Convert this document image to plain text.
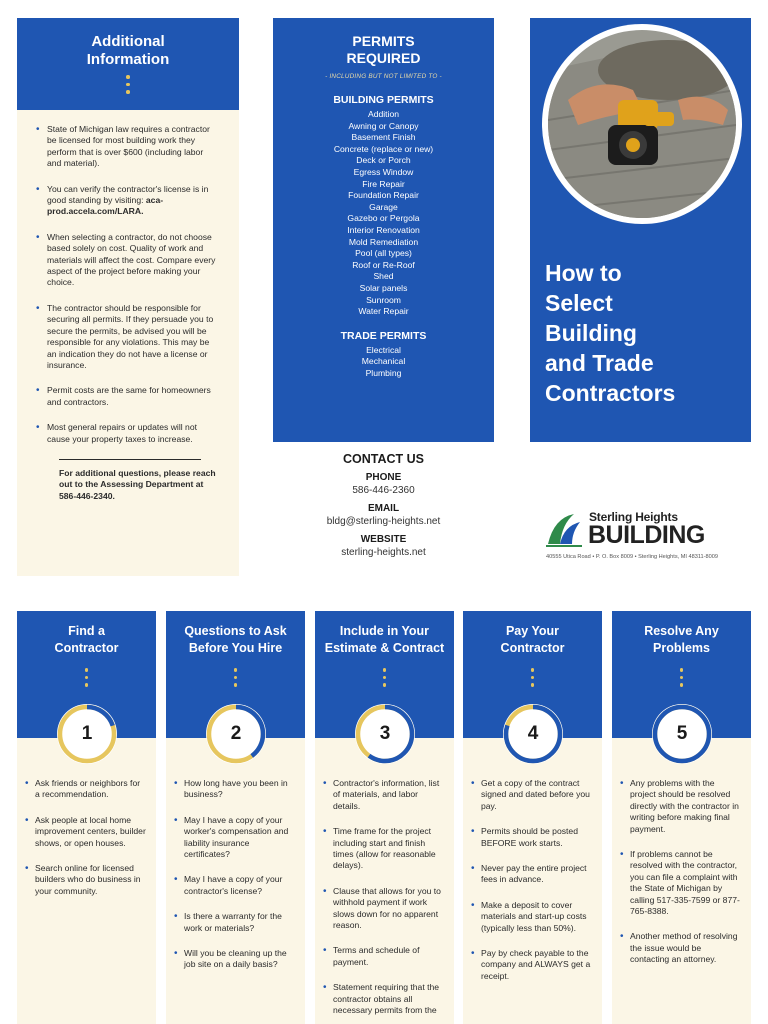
Additional
Information
• State of Michigan law requires a contractor be licensed for most building work they perform that is over $600 (including labor and material).
• You can verify the contractor's license is in good standing by visiting: aca-prod.accela.com/LARA.
• When selecting a contractor, do not choose based solely on cost. Quality of work and materials will affect the cost. Compare every aspect of the project before making your choice.
• The contractor should be responsible for securing all permits. If they persuade you to secure the permits, be advised you will be responsible for any violations. This may be an indication they do not have a license or insurance.
• Permit costs are the same for homeowners and contractors.
• Most general repairs or updates will not cause your property taxes to increase.

For additional questions, please reach out to the Assessing Department at 586-446-2340.

PERMITS
REQUIRED
- INCLUDING BUT NOT LIMITED TO -
BUILDING PERMITS
Addition
Awning or Canopy
Basement Finish
Concrete (replace or new)
Deck or Porch
Egress Window
Fire Repair
Foundation Repair
Garage
Gazebo or Pergola
Interior Renovation
Mold Remediation
Pool (all types)
Roof or Re-Roof
Shed
Solar panels
Sunroom
Water Repair
TRADE PERMITS
Electrical
Mechanical
Plumbing
CONTACT US
PHONE
586-446-2360
EMAIL
bldg@sterling-heights.net
WEBSITE
sterling-heights.net
How to
Select
Building
and Trade
Contractors
Sterling Heights
BUILDING
40555 Utica Road • P. O. Box 8009 • Sterling Heights, MI 48311-8009
Find a
Contractor
• Ask friends or neighbors for a recommendation.
• Ask people at local home improvement centers, builder shows, or open houses.
• Search online for licensed builders who do business in your community.
1
Questions to Ask
Before You Hire
• How long have you been in business?
• May I have a copy of your worker's compensation and liability insurance certificates?
• May I have a copy of your contractor's license?
• Is there a warranty for the work or materials?
• Will you be cleaning up the job site on a daily basis?
2
Include in Your
Estimate & Contract
• Contractor's information, list of materials, and labor details.
• Time frame for the project including start and finish times (allow for reasonable delays).
• Clause that allows for you to withhold payment if work slows down for no apparent reason.
• Terms and schedule of payment.
• Statement requiring that the contractor obtains all necessary permits from the
3
Pay Your
Contractor
• Get a copy of the contract signed and dated before you pay.
• Permits should be posted BEFORE work starts.
• Never pay the entire project fees in advance.
• Make a deposit to cover materials and start-up costs (typically less than 50%).
• Pay by check payable to the company and ALWAYS get a receipt.
4
Resolve Any
Problems
• Any problems with the project should be resolved directly with the contractor in writing before making final payment.
• If problems cannot be resolved with the contractor, you can file a complaint with the State of Michigan by calling 517-335-7599 or 877-765-8388.
• Another method of resolving the issue would be contacting an attorney.
5
